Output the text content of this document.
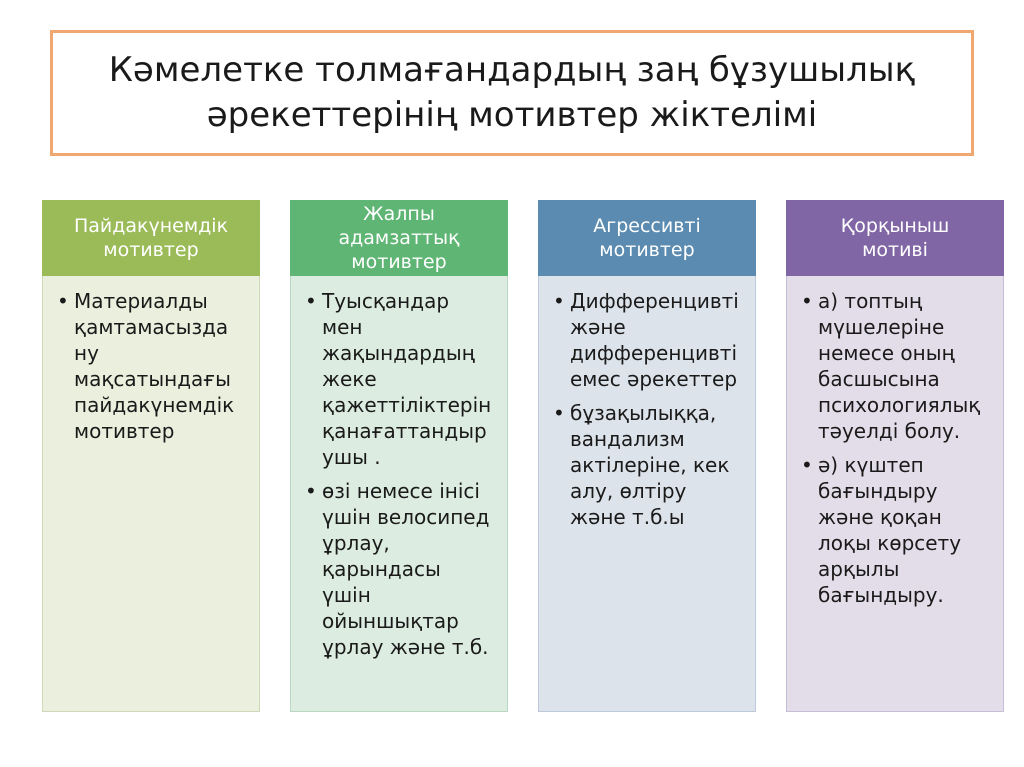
Кәмелетке толмағандардың заң бұзушылық
әрекеттерінің мотивтер жіктелімі
Пайдакүнемдік
мотивтер
• Материалды
қамтамасызда
ну
мақсатындағы
пайдакүнемдік
мотивтер
Жалпы
адамзаттық
мотивтер
• Туысқандар
мен
жақындардың
жеке
қажеттіліктерін
қанағаттандыр
ушы .
• өзі немесе інісі
үшін велосипед
ұрлау,
қарындасы
үшін
ойыншықтар
ұрлау және т.б.
Агрессивті
мотивтер
• Дифференцивті
және
дифференцивті
емес әрекеттер
• бұзақылыққа,
вандализм
актілеріне, кек
алу, өлтіру
және т.б.ы
Қорқыныш
мотиві
• а) топтың
мүшелеріне
немесе оның
басшысына
психологиялық
тәуелді болу.
• ә) күштеп
бағындыру
және қоқан
лоқы көрсету
арқылы
бағындыру.
